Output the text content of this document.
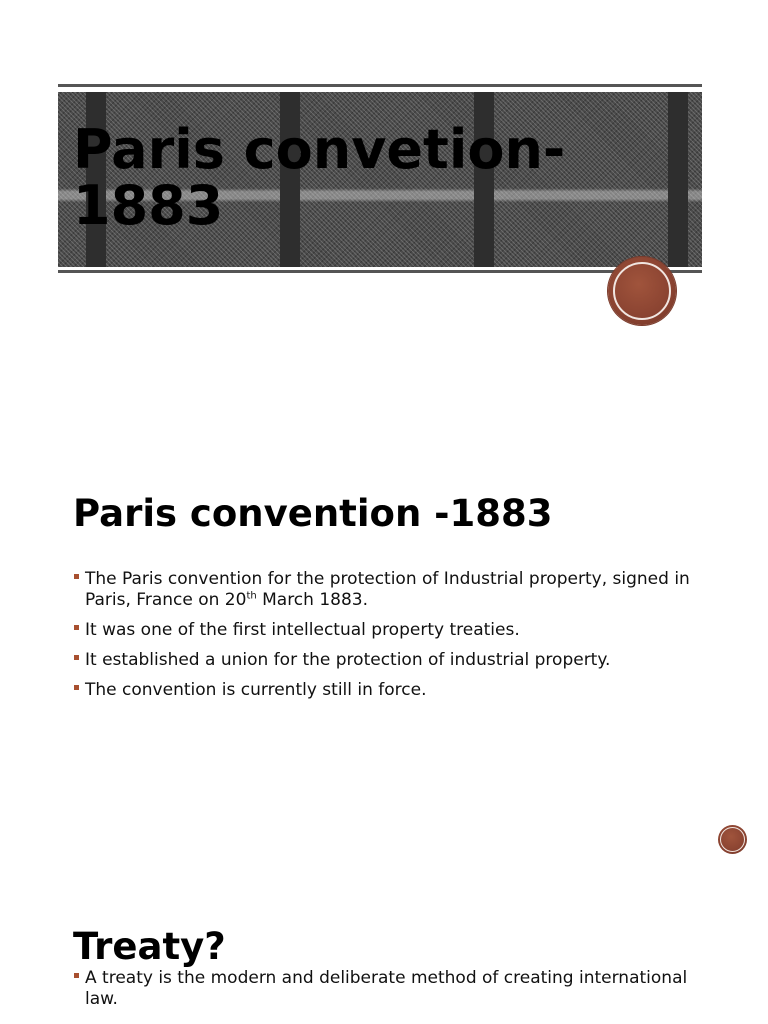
Paris convetion-1883
Paris convention -1883
The Paris convention for the protection of Industrial property, signed in Paris, France on 20th March 1883.
It was one of the first intellectual property treaties.
It established a union for the protection of industrial property.
The convention is currently still in force.
Treaty?
A treaty is the modern and deliberate method of creating international law.
